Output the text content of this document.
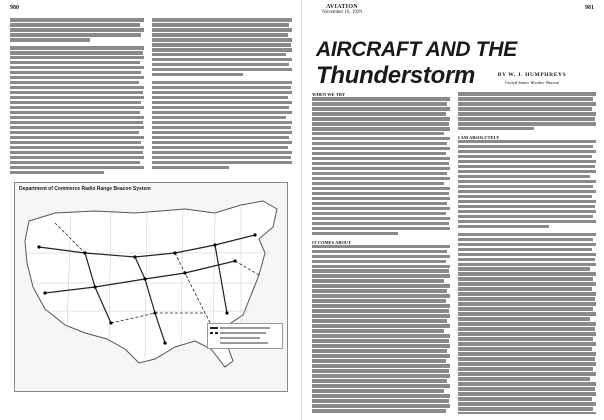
980
Department of Commerce Radio Range Beacon System
AVIATION
November 16, 1929
981
AIRCRAFT AND THE Thunderstorm	BY W. J. HUMPHREYS
United States Weather Bureau
WHEN WE TRY
IT COMES ABOUT
I AM ABSOLUTELY
